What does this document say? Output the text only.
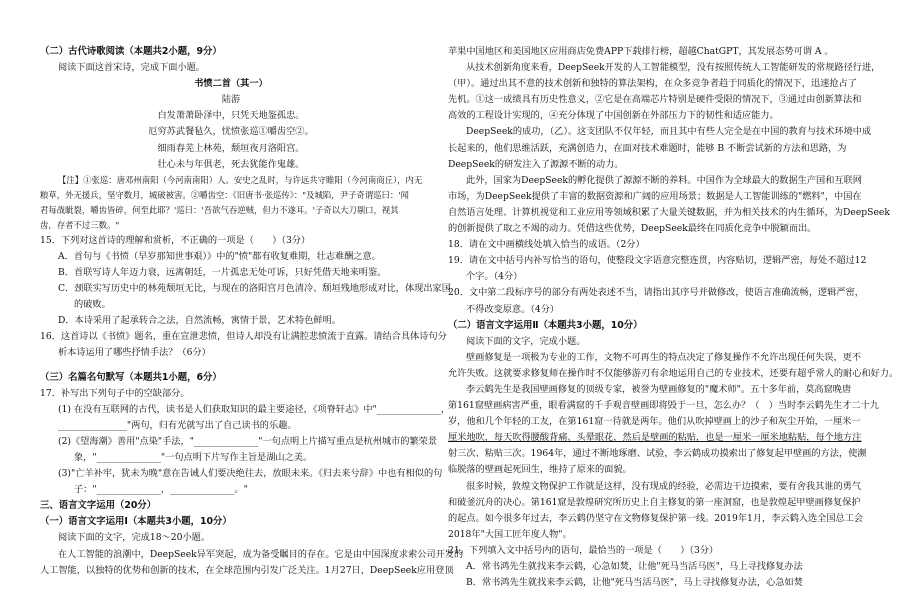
（二）古代诗歌阅读（本题共2小题，9分）
阅读下面这首宋诗，完成下面小题。
书愤二首（其一）
陆游
白发萧萧卧泽中，只凭天地鉴孤忠。
厄穷苏武餐毡久，忧愤张巡①嚼齿空②。
细雨春芜上林苑，颓垣夜月洛阳宫。
壮心未与年俱老，死去犹能作鬼雄。
【注】①张巡：唐邓州南阳（今河南南阳）人。安史之乱时，与许远共守睢阳（今河南商丘），内无
粮草，外无援兵，坚守数月，城破被害。②嚼齿空：《旧唐书·张巡传》："及城陷，尹子奇谓巡曰：'闻
君每战眦裂，嚼齿皆碎，何至此耶？'巡曰：'吾欲气吞逆贼，但力不遂耳。'子奇以大刀剔口，视其
齿，存者不过三数。"
15．下列对这首诗的理解和赏析，不正确的一项是（　　）（3分）
A．首句与《书愤（早岁那知世事艰）》中的"愤"都有收复难期，壮志难酬之意。
B．首联写诗人年迈力衰，远离朝廷，一片孤忠无处可诉，只好凭借天地来明鉴。
C．颈联实写历史中的林苑颓垣无比，与现在的洛阳宫月色清冷、颓垣残地形成对比，体现出家国
的破败。
D．本诗采用了起承转合之法，自然流畅，寓情于景，艺术特色鲜明。
16．这首诗以《书愤》题名，重在宣泄悲愤，但诗人却没有让满腔悲愤流于直露。请结合具体诗句分
析本诗运用了哪些抒情手法？（6分）
（三）名篇名句默写（本题共1小题，6分）
17．补写出下列句子中的空缺部分。
(1) 在没有互联网的古代，读书是人们获取知识的最主要途径，《项脊轩志》中"______________，
_______________"两句，归有光就写出了自己读书的乐趣。
(2)《望海潮》善用"点染"手法，"______________"一句点明上片描写重点是杭州城市的繁荣景
象，"______________"一句点明下片写作主旨是湖山之美。
(3)"亡羊补牢，犹未为晚"意在告诫人们要决绝往去，放眼未来。《归去来兮辞》中也有相似的句
子："______________，______________。"
三、语言文字运用（20分）
（一）语言文字运用Ⅰ（本题共3小题，10分）
阅读下面的文字，完成18～20小题。
在人工智能的浪潮中，DeepSeek异军突起，成为备受瞩目的存在。它是由中国深度求索公司开发的
人工智能，以独特的优势和创新的技术，在全球范围内引发广泛关注。1月27日，DeepSeek应用登顶
苹果中国地区和美国地区应用商店免费APP下载排行榜，超越ChatGPT，其发展态势可谓 A 。
从技术创新角度来看，DeepSeek开发的人工智能模型，没有按照传统人工智能研发的常规路径行进，
（甲）。通过出其不意的技术创新和独特的算法架构，在众多竞争者趋于同质化的情况下，迅速抢占了
先机。①这一成绩具有历史性意义，②它是在高端芯片特别是硬件受限的情况下，③通过由创新算法和
高效的工程设计实现的，④充分体现了中国创新在外部压力下的韧性和适应能力。
DeepSeek的成功，（乙）。这支团队不仅年轻，而且其中有些人完全是在中国的教育与技术环境中成
长起来的，他们思维活跃，充满创造力，在面对技术难题时，能够 B 不断尝试新的方法和思路，为
DeepSeek的研发注入了源源不断的动力。
此外，国家为DeepSeek的孵化提供了源源不断的养料。中国作为全球最大的数据生产国和互联网
市场，为DeepSeek提供了丰富的数据资源和广阔的应用场景；数据是人工智能训练的"燃料"，中国在
自然语言处理、计算机视觉和工业应用等领域积累了大量关键数据，并为相关技术的内生循环，为DeepSeek
的创新提供了取之不竭的动力。凭借这些优势，DeepSeek最终在同质化竞争中脱颖而出。
18．请在文中画横线处填入恰当的成语。（2分）
19．请在文中括号内补写恰当的语句，使整段文字语意完整连贯，内容贴切，逻辑严密，每处不超过12
个字。（4分）
20．文中第二段标序号的部分有两处表述不当，请指出其序号并做修改，使语言准确流畅，逻辑严密，
不得改变原意。（4分）
（二）语言文字运用Ⅱ（本题共3小题，10分）
阅读下面的文字，完成小题。
壁画修复是一项极为专业的工作，文物不可再生的特点决定了修复操作不允许出现任何失误，更不
允许失败。这就要求修复师在操作时不仅能够游刃有余地运用自己的专业技术，还要有超乎常人的耐心和好力。
李云鹤先生是我国壁画修复的顶级专家，被誉为壁画修复的"魔术师"。五十多年前，莫高窟晚唐
第161窟壁画病害严重，眼看满窟的千手观音壁画即将毁于一旦，怎么办？（　）当时李云鹤先生才二十九
岁，他和几个年轻的工友，在第161窟一待就是两年。他们从吹掉壁画上的沙子和灰尘开始，一厘米一
厘米地吹，每天吹得腰酸背痛、头晕眼花，然后是壁画的粘贴，也是一厘米一厘米地粘贴，每个地方注
射三次、粘贴三次。1964年，通过不断地琢磨、试验，李云鹤成功摸索出了修复起甲壁画的方法，使濒
临脱落的壁画起死回生，维持了原来的面貌。
很多时候，敦煌文物保护工作就是这样，没有现成的经验，必需边干边摸索，要有舍我其谁的勇气
和破釜沉舟的决心。第161窟是敦煌研究所历史上自主修复的第一座洞窟，也是敦煌起甲壁画修复保护
的起点。如今很多年过去，李云鹤仍坚守在文物修复保护第一线。2019年1月，李云鹤入选全国总工会
2018年"大国工匠年度人物"。
21．下列填入文中括号内的语句，最恰当的一项是（　　）（3分）
A．常书鸿先生就找来李云鹤，心急如焚，让他"死马当活马医"，马上寻找修复办法
B．常书鸿先生就找来李云鹤，让他"死马当活马医"，马上寻找修复办法，心急如焚
